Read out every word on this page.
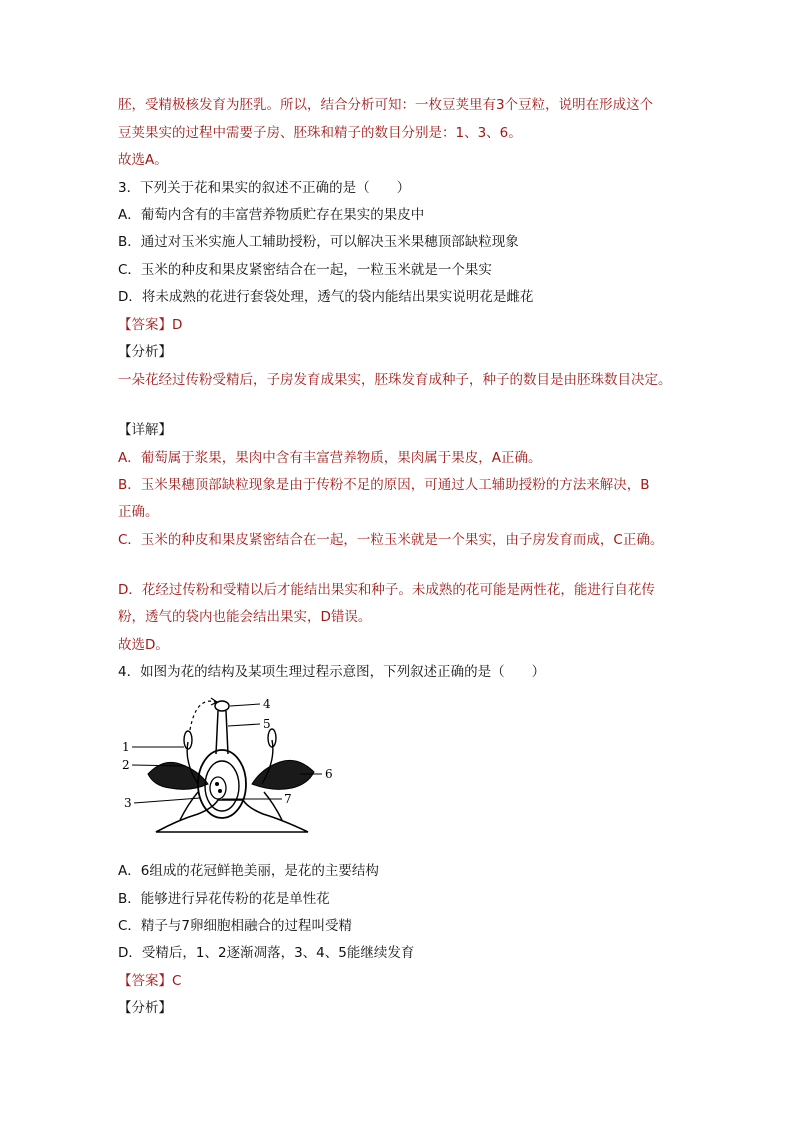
胚，受精极核发育为胚乳。所以，结合分析可知：一枚豆荚里有3个豆粒，说明在形成这个
豆荚果实的过程中需要子房、胚珠和精子的数目分别是：1、3、6。
故选A。
3．下列关于花和果实的叙述不正确的是（　　）
A．葡萄内含有的丰富营养物质贮存在果实的果皮中
B．通过对玉米实施人工辅助授粉，可以解决玉米果穗顶部缺粒现象
C．玉米的种皮和果皮紧密结合在一起，一粒玉米就是一个果实
D．将未成熟的花进行套袋处理，透气的袋内能结出果实说明花是雌花
【答案】D
【分析】
一朵花经过传粉受精后，子房发育成果实，胚珠发育成种子，种子的数目是由胚珠数目决定。
【详解】
A．葡萄属于浆果，果肉中含有丰富营养物质，果肉属于果皮，A正确。
B．玉米果穗顶部缺粒现象是由于传粉不足的原因，可通过人工辅助授粉的方法来解决，B
正确。
C．玉米的种皮和果皮紧密结合在一起，一粒玉米就是一个果实，由子房发育而成，C正确。
D．花经过传粉和受精以后才能结出果实和种子。未成熟的花可能是两性花，能进行自花传
粉，透气的袋内也能会结出果实，D错误。
故选D。
4．如图为花的结构及某项生理过程示意图，下列叙述正确的是（　　）
A．6组成的花冠鲜艳美丽，是花的主要结构
B．能够进行异花传粉的花是单性花
C．精子与7卵细胞相融合的过程叫受精
D．受精后，1、2逐渐凋落，3、4、5能继续发育
【答案】C
【分析】
1
2
3
4
5
6
7
